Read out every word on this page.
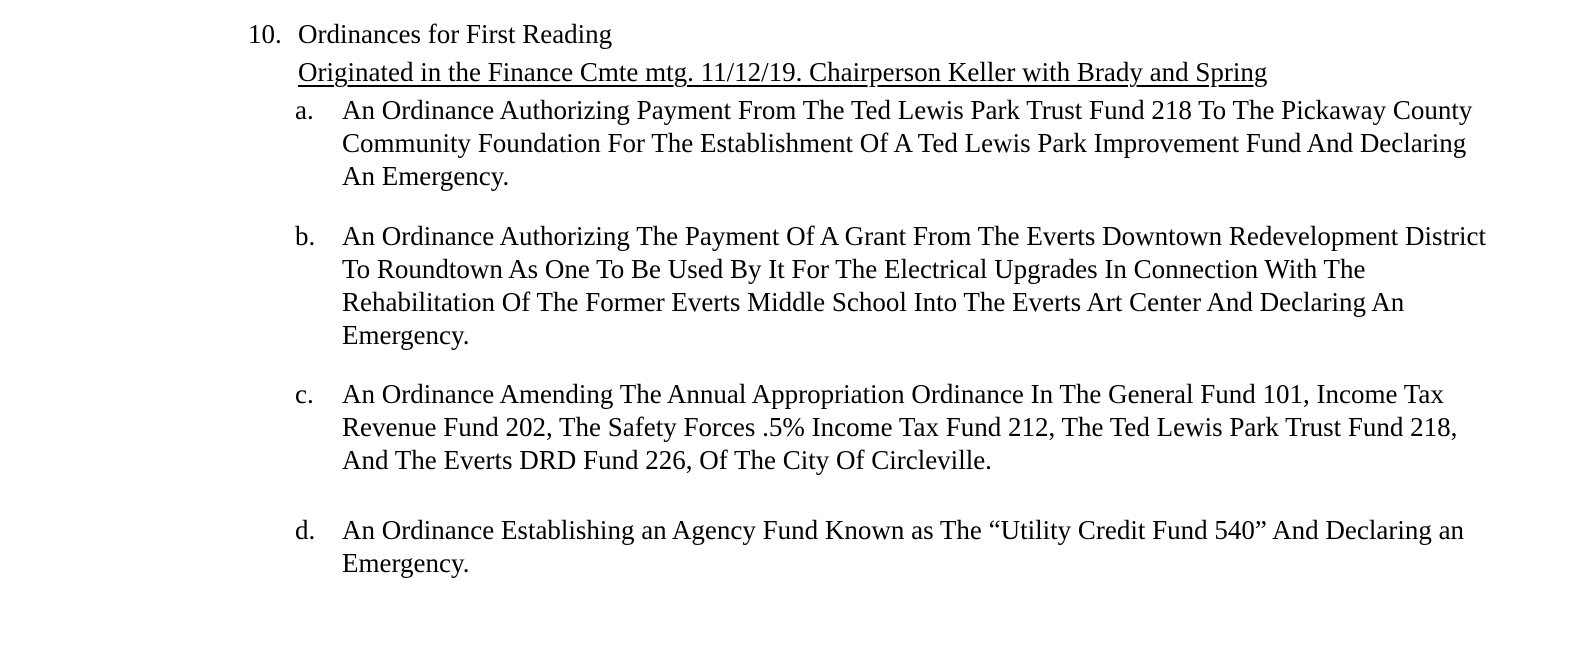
10. Ordinances for First Reading
Originated in the Finance Cmte mtg. 11/12/19. Chairperson Keller with Brady and Spring
a. An Ordinance Authorizing Payment From The Ted Lewis Park Trust Fund 218 To The Pickaway County Community Foundation For The Establishment Of A Ted Lewis Park Improvement Fund And Declaring An Emergency.
b. An Ordinance Authorizing The Payment Of A Grant From The Everts Downtown Redevelopment District To Roundtown As One To Be Used By It For The Electrical Upgrades In Connection With The Rehabilitation Of The Former Everts Middle School Into The Everts Art Center And Declaring An Emergency.
c. An Ordinance Amending The Annual Appropriation Ordinance In The General Fund 101, Income Tax Revenue Fund 202, The Safety Forces .5% Income Tax Fund 212, The Ted Lewis Park Trust Fund 218, And The Everts DRD Fund 226, Of The City Of Circleville.
d. An Ordinance Establishing an Agency Fund Known as The “Utility Credit Fund 540” And Declaring an Emergency.
